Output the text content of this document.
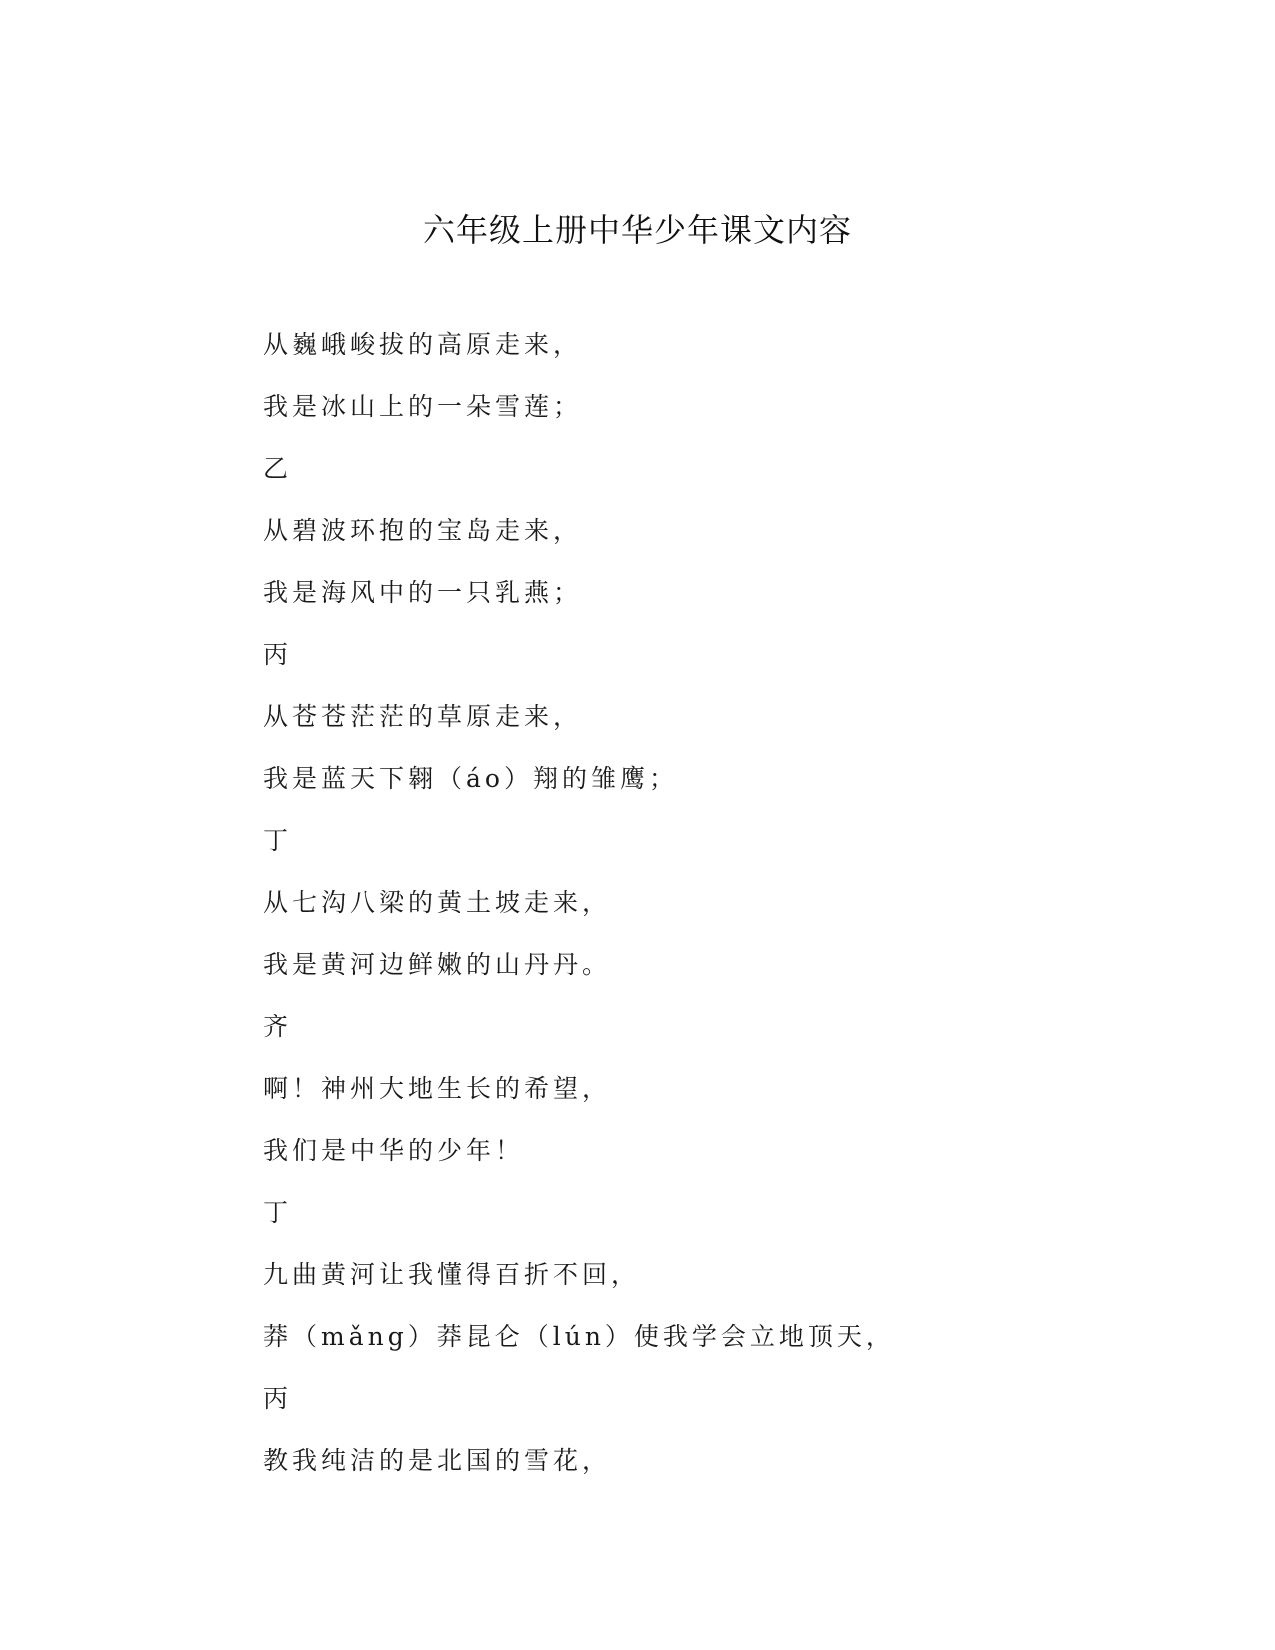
六年级上册中华少年课文内容
从巍峨峻拔的高原走来，
我是冰山上的一朵雪莲；
乙
从碧波环抱的宝岛走来，
我是海风中的一只乳燕；
丙
从苍苍茫茫的草原走来，
我是蓝天下翱（áo）翔的雏鹰；
丁
从七沟八梁的黄土坡走来，
我是黄河边鲜嫩的山丹丹。
齐
啊！神州大地生长的希望，
我们是中华的少年！
丁
九曲黄河让我懂得百折不回，
莽（mǎng）莽昆仑（lún）使我学会立地顶天，
丙
教我纯洁的是北国的雪花，
